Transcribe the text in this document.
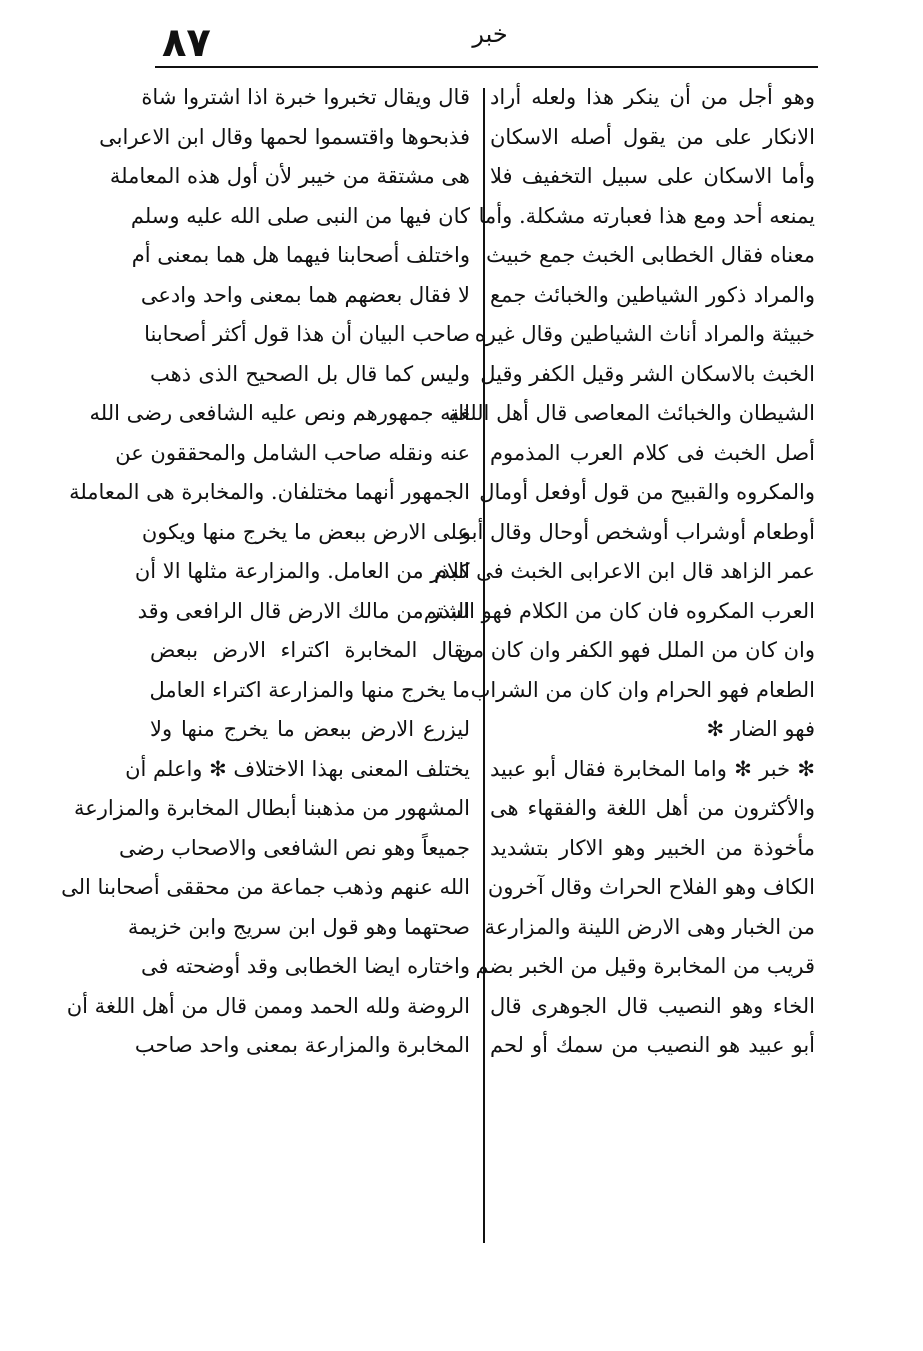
٨٧	خبر
وهو أجل من أن ينكر هذا ولعله أراد
الانكار على من يقول أصله الاسكان
وأما الاسكان على سبيل التخفيف فلا
يمنعه أحد ومع هذا فعبارته مشكلة. وأما
معناه فقال الخطابى الخبث جمع خبيث
والمراد ذكور الشياطين والخبائث جمع
خبيثة والمراد أناث الشياطين وقال غيره
الخبث بالاسكان الشر وقيل الكفر وقيل
الشيطان والخبائث المعاصى قال أهل اللغة
أصل الخبث فى كلام العرب المذموم
والمكروه والقبيح من قول أوفعل أومال
أوطعام أوشراب أوشخص أوحال وقال أبو
عمر الزاهد قال ابن الاعرابى الخبث فى كلام
العرب المكروه فان كان من الكلام فهو الشتم
وان كان من الملل فهو الكفر وان كان من
الطعام فهو الحرام وان كان من الشراب
فهو الضار ✻
✻ خبر ✻ واما المخابرة فقال أبو عبيد
والأكثرون من أهل اللغة والفقهاء هى
مأخوذة من الخبير وهو الاكار بتشديد
الكاف وهو الفلاح الحراث وقال آخرون
من الخبار وهى الارض اللينة والمزارعة
قريب من المخابرة وقيل من الخبر بضم
الخاء وهو النصيب قال الجوهرى قال
أبو عبيد هو النصيب من سمك أو لحم
قال ويقال تخبروا خبرة اذا اشتروا شاة
فذبحوها واقتسموا لحمها وقال ابن الاعرابى
هى مشتقة من خيبر لأن أول هذه المعاملة
كان فيها من النبى صلى الله عليه وسلم
واختلف أصحابنا فيهما هل هما بمعنى أم
لا فقال بعضهم هما بمعنى واحد وادعى
صاحب البيان أن هذا قول أكثر أصحابنا
وليس كما قال بل الصحيح الذى ذهب
اليه جمهورهم ونص عليه الشافعى رضى الله
عنه ونقله صاحب الشامل والمحققون عن
الجمهور أنهما مختلفان. والمخابرة هى المعاملة
على الارض ببعض ما يخرج منها ويكون
البذر من العامل. والمزارعة مثلها الا أن
البذر من مالك الارض قال الرافعى وقد
يقال المخابرة اكتراء الارض ببعض
ما يخرج منها والمزارعة اكتراء العامل
ليزرع الارض ببعض ما يخرج منها ولا
يختلف المعنى بهذا الاختلاف ✻ واعلم أن
المشهور من مذهبنا أبطال المخابرة والمزارعة
جميعاً وهو نص الشافعى والاصحاب رضى
الله عنهم وذهب جماعة من محققى أصحابنا الى
صحتهما وهو قول ابن سريج وابن خزيمة
واختاره ايضا الخطابى وقد أوضحته فى
الروضة ولله الحمد وممن قال من أهل اللغة أن
المخابرة والمزارعة بمعنى واحد صاحب
